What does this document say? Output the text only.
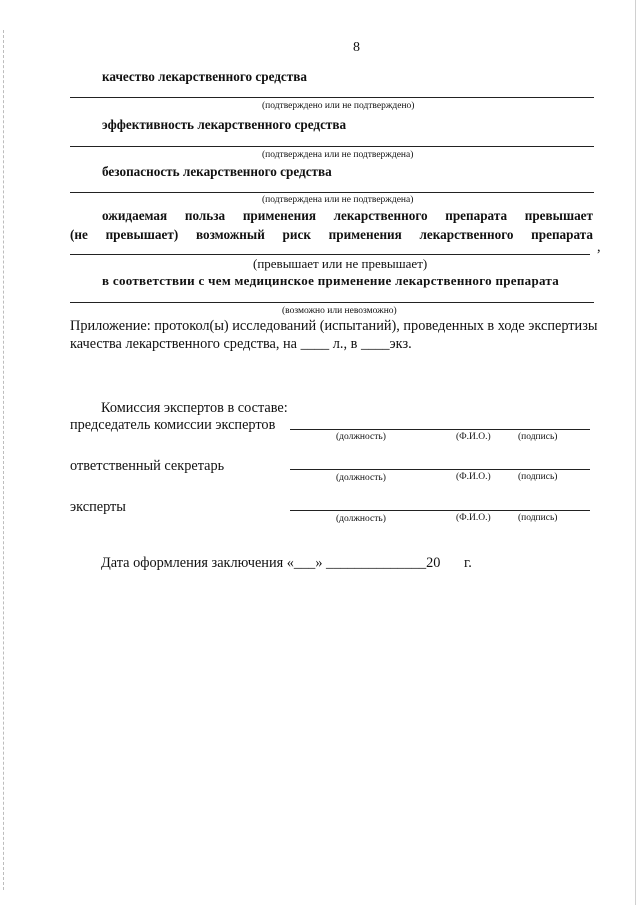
8
качество лекарственного средства
(подтверждено или не подтверждено)
эффективность лекарственного средства
(подтверждена или не подтверждена)
безопасность лекарственного средства
(подтверждена или не подтверждена)
ожидаемая польза применения лекарственного препарата превышает
(не превышает) возможный риск применения лекарственного препарата
,
(превышает или не превышает)
в соответствии с чем медицинское применение лекарственного препарата
(возможно или невозможно)
Приложение: протокол(ы) исследований (испытаний), проведенных в ходе экспертизы
качества лекарственного средства, на ____ л., в ____экз.
Комиссия экспертов в составе:
председатель комиссии экспертов
(должность)	(Ф.И.О.)	(подпись)
ответственный секретарь
(должность)	(Ф.И.О.)	(подпись)
эксперты
(должность)	(Ф.И.О.)	(подпись)
Дата оформления заключения «___» ______________20 г.
